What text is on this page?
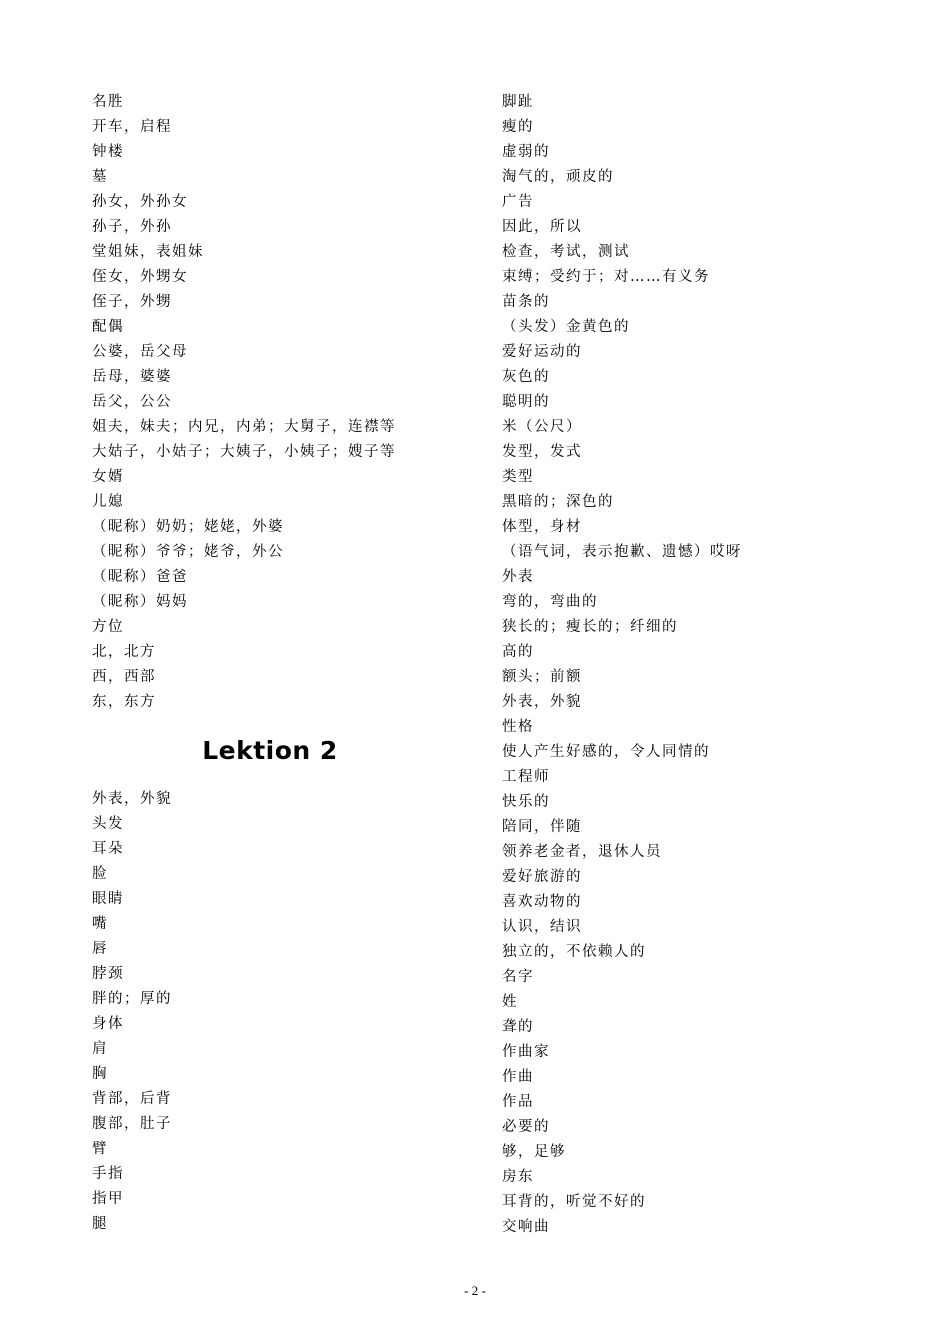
名胜
开车，启程
钟楼
墓
孙女，外孙女
孙子，外孙
堂姐妹，表姐妹
侄女，外甥女
侄子，外甥
配偶
公婆，岳父母
岳母，婆婆
岳父，公公
姐夫，妹夫；内兄，内弟；大舅子，连襟等
大姑子，小姑子；大姨子，小姨子；嫂子等
女婿
儿媳
（昵称）奶奶；姥姥，外婆
（昵称）爷爷；姥爷，外公
（昵称）爸爸
（昵称）妈妈
方位
北，北方
西，西部
东，东方
Lektion 2
外表，外貌
头发
耳朵
脸
眼睛
嘴
唇
脖颈
胖的；厚的
身体
肩
胸
背部，后背
腹部，肚子
臂
手指
指甲
腿
脚趾
瘦的
虚弱的
淘气的，顽皮的
广告
因此，所以
检查，考试，测试
束缚；受约于；对……有义务
苗条的
（头发）金黄色的
爱好运动的
灰色的
聪明的
米（公尺）
发型，发式
类型
黑暗的；深色的
体型，身材
（语气词，表示抱歉、遗憾）哎呀
外表
弯的，弯曲的
狭长的；瘦长的；纤细的
高的
额头；前额
外表，外貌
性格
使人产生好感的，令人同情的
工程师
快乐的
陪同，伴随
领养老金者，退休人员
爱好旅游的
喜欢动物的
认识，结识
独立的，不依赖人的
名字
姓
聋的
作曲家
作曲
作品
必要的
够，足够
房东
耳背的，听觉不好的
交响曲
- 2 -
